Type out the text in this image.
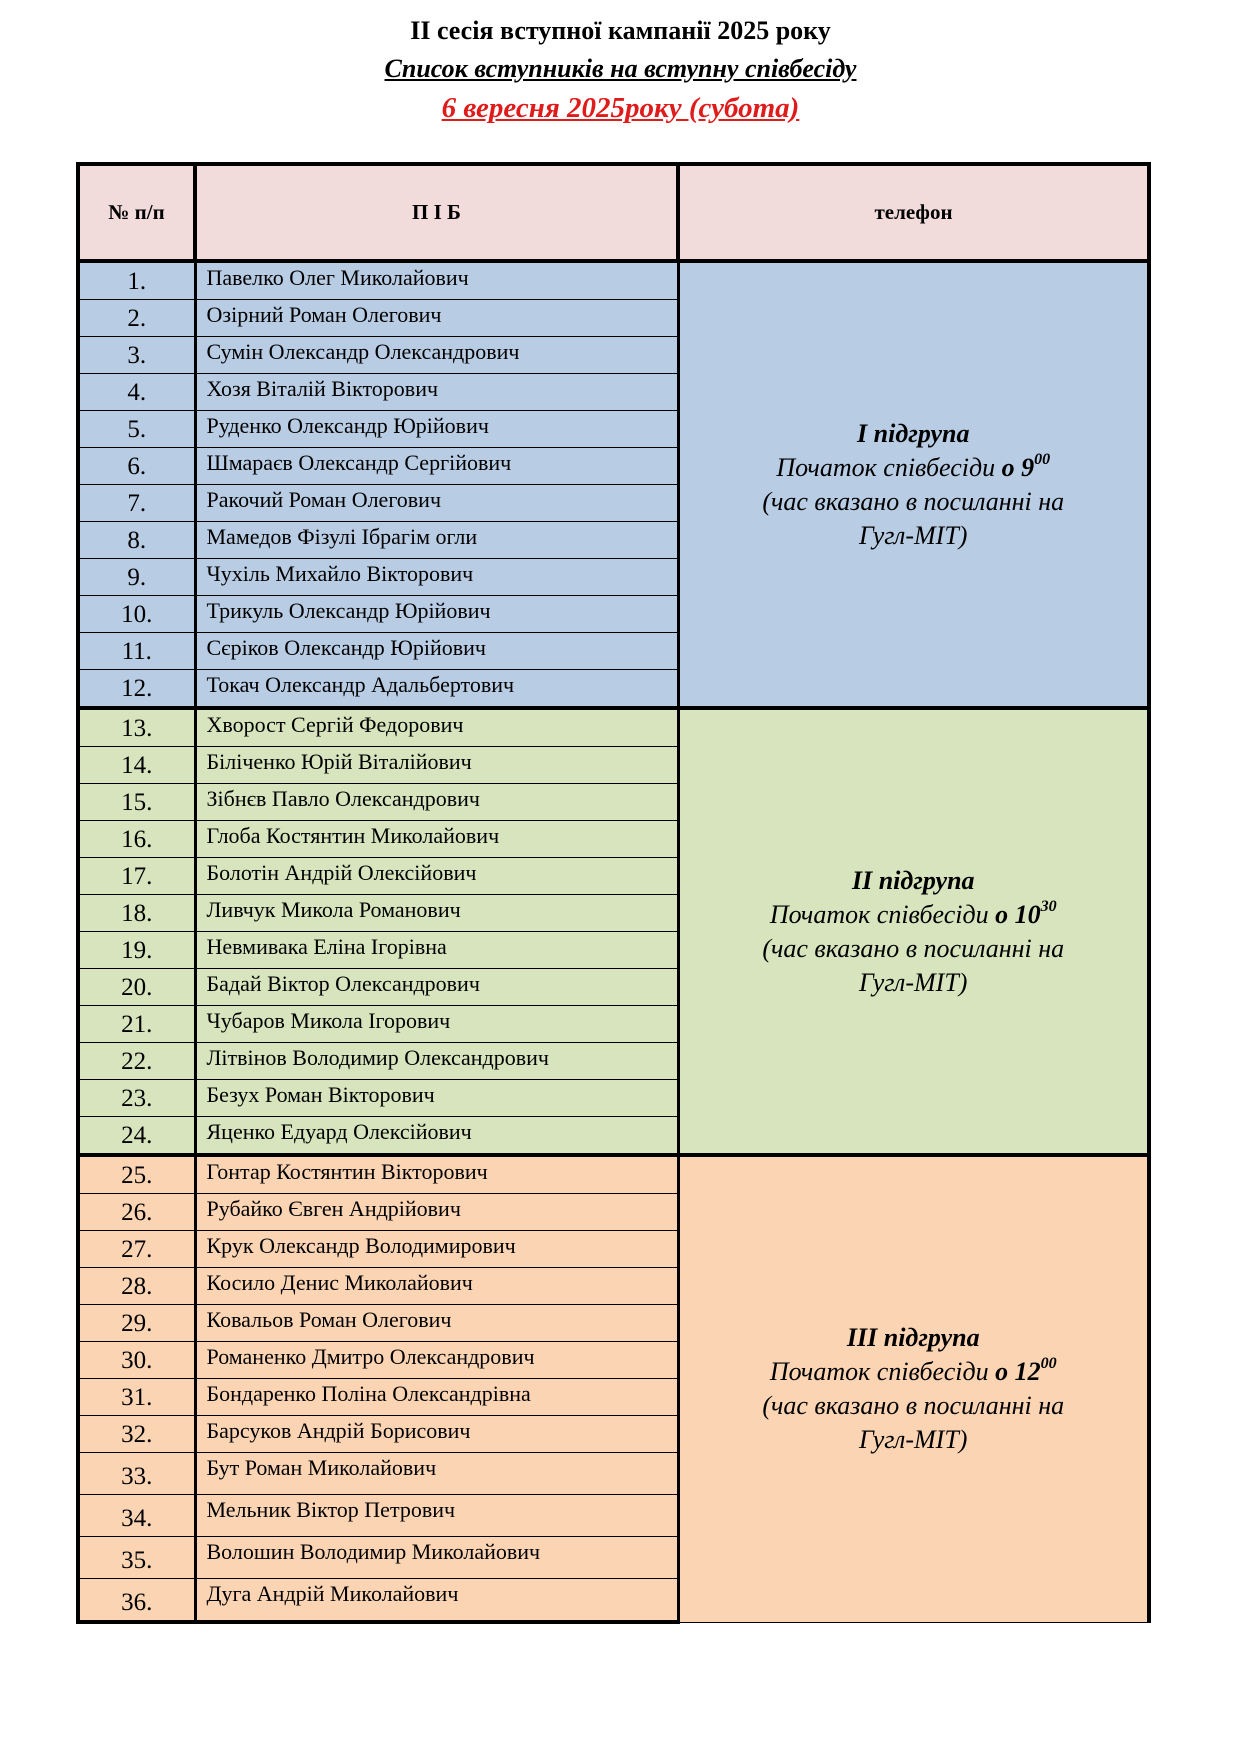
ІІ сесія вступної кампанії 2025 року
Список вступників на вступну співбесіду
6 вересня 2025року (субота)
№ п/п	П І Б	телефон
1.	Павелко Олег Миколайович	І підгрупа
Початок співбесіди о $9^{00}$
(час вказано в посиланні на
Гугл-МІТ)

2.	Озірний Роман Олегович	
3.	Сумін Олександр Олександрович	
4.	Хозя Віталій Вікторович	
5.	Руденко Олександр Юрійович	
6.	Шмараєв Олександр Сергійович	
7.	Ракочий Роман Олегович	
8.	Мамедов Фізулі Ібрагім огли	
9.	Чухіль Михайло Вікторович	
10.	Трикуль Олександр Юрійович	
11.	Сєріков Олександр Юрійович	
12.	Токач Олександр Адальбертович	
13.	Хворост Сергій Федорович	ІІ підгрупа
Початок співбесіди о $10^{30}$
(час вказано в посиланні на
Гугл-МІТ)

14.	Біліченко Юрій Віталійович	
15.	Зібнєв Павло Олександрович	
16.	Глоба Костянтин Миколайович	
17.	Болотін Андрій Олексійович	
18.	Ливчук Микола Романович	
19.	Невмивака Еліна Ігорівна	
20.	Бадай Віктор Олександрович	
21.	Чубаров Микола Ігорович	
22.	Літвінов Володимир Олександрович	
23.	Безух Роман Вікторович	
24.	Яценко Едуард Олексійович	
25.	Гонтар Костянтин Вікторович	ІІІ підгрупа
Початок співбесіди о $12^{00}$
(час вказано в посиланні на
Гугл-МІТ)

26.	Рубайко Євген Андрійович	
27.	Крук Олександр Володимирович	
28.	Косило Денис Миколайович	
29.	Ковальов Роман Олегович	
30.	Романенко Дмитро Олександрович	
31.	Бондаренко Поліна Олександрівна	
32.	Барсуков Андрій Борисович	
33.	Бут Роман Миколайович	
34.	Мельник Віктор Петрович	
35.	Волошин Володимир Миколайович	
36.	Дуга Андрій Миколайович	
